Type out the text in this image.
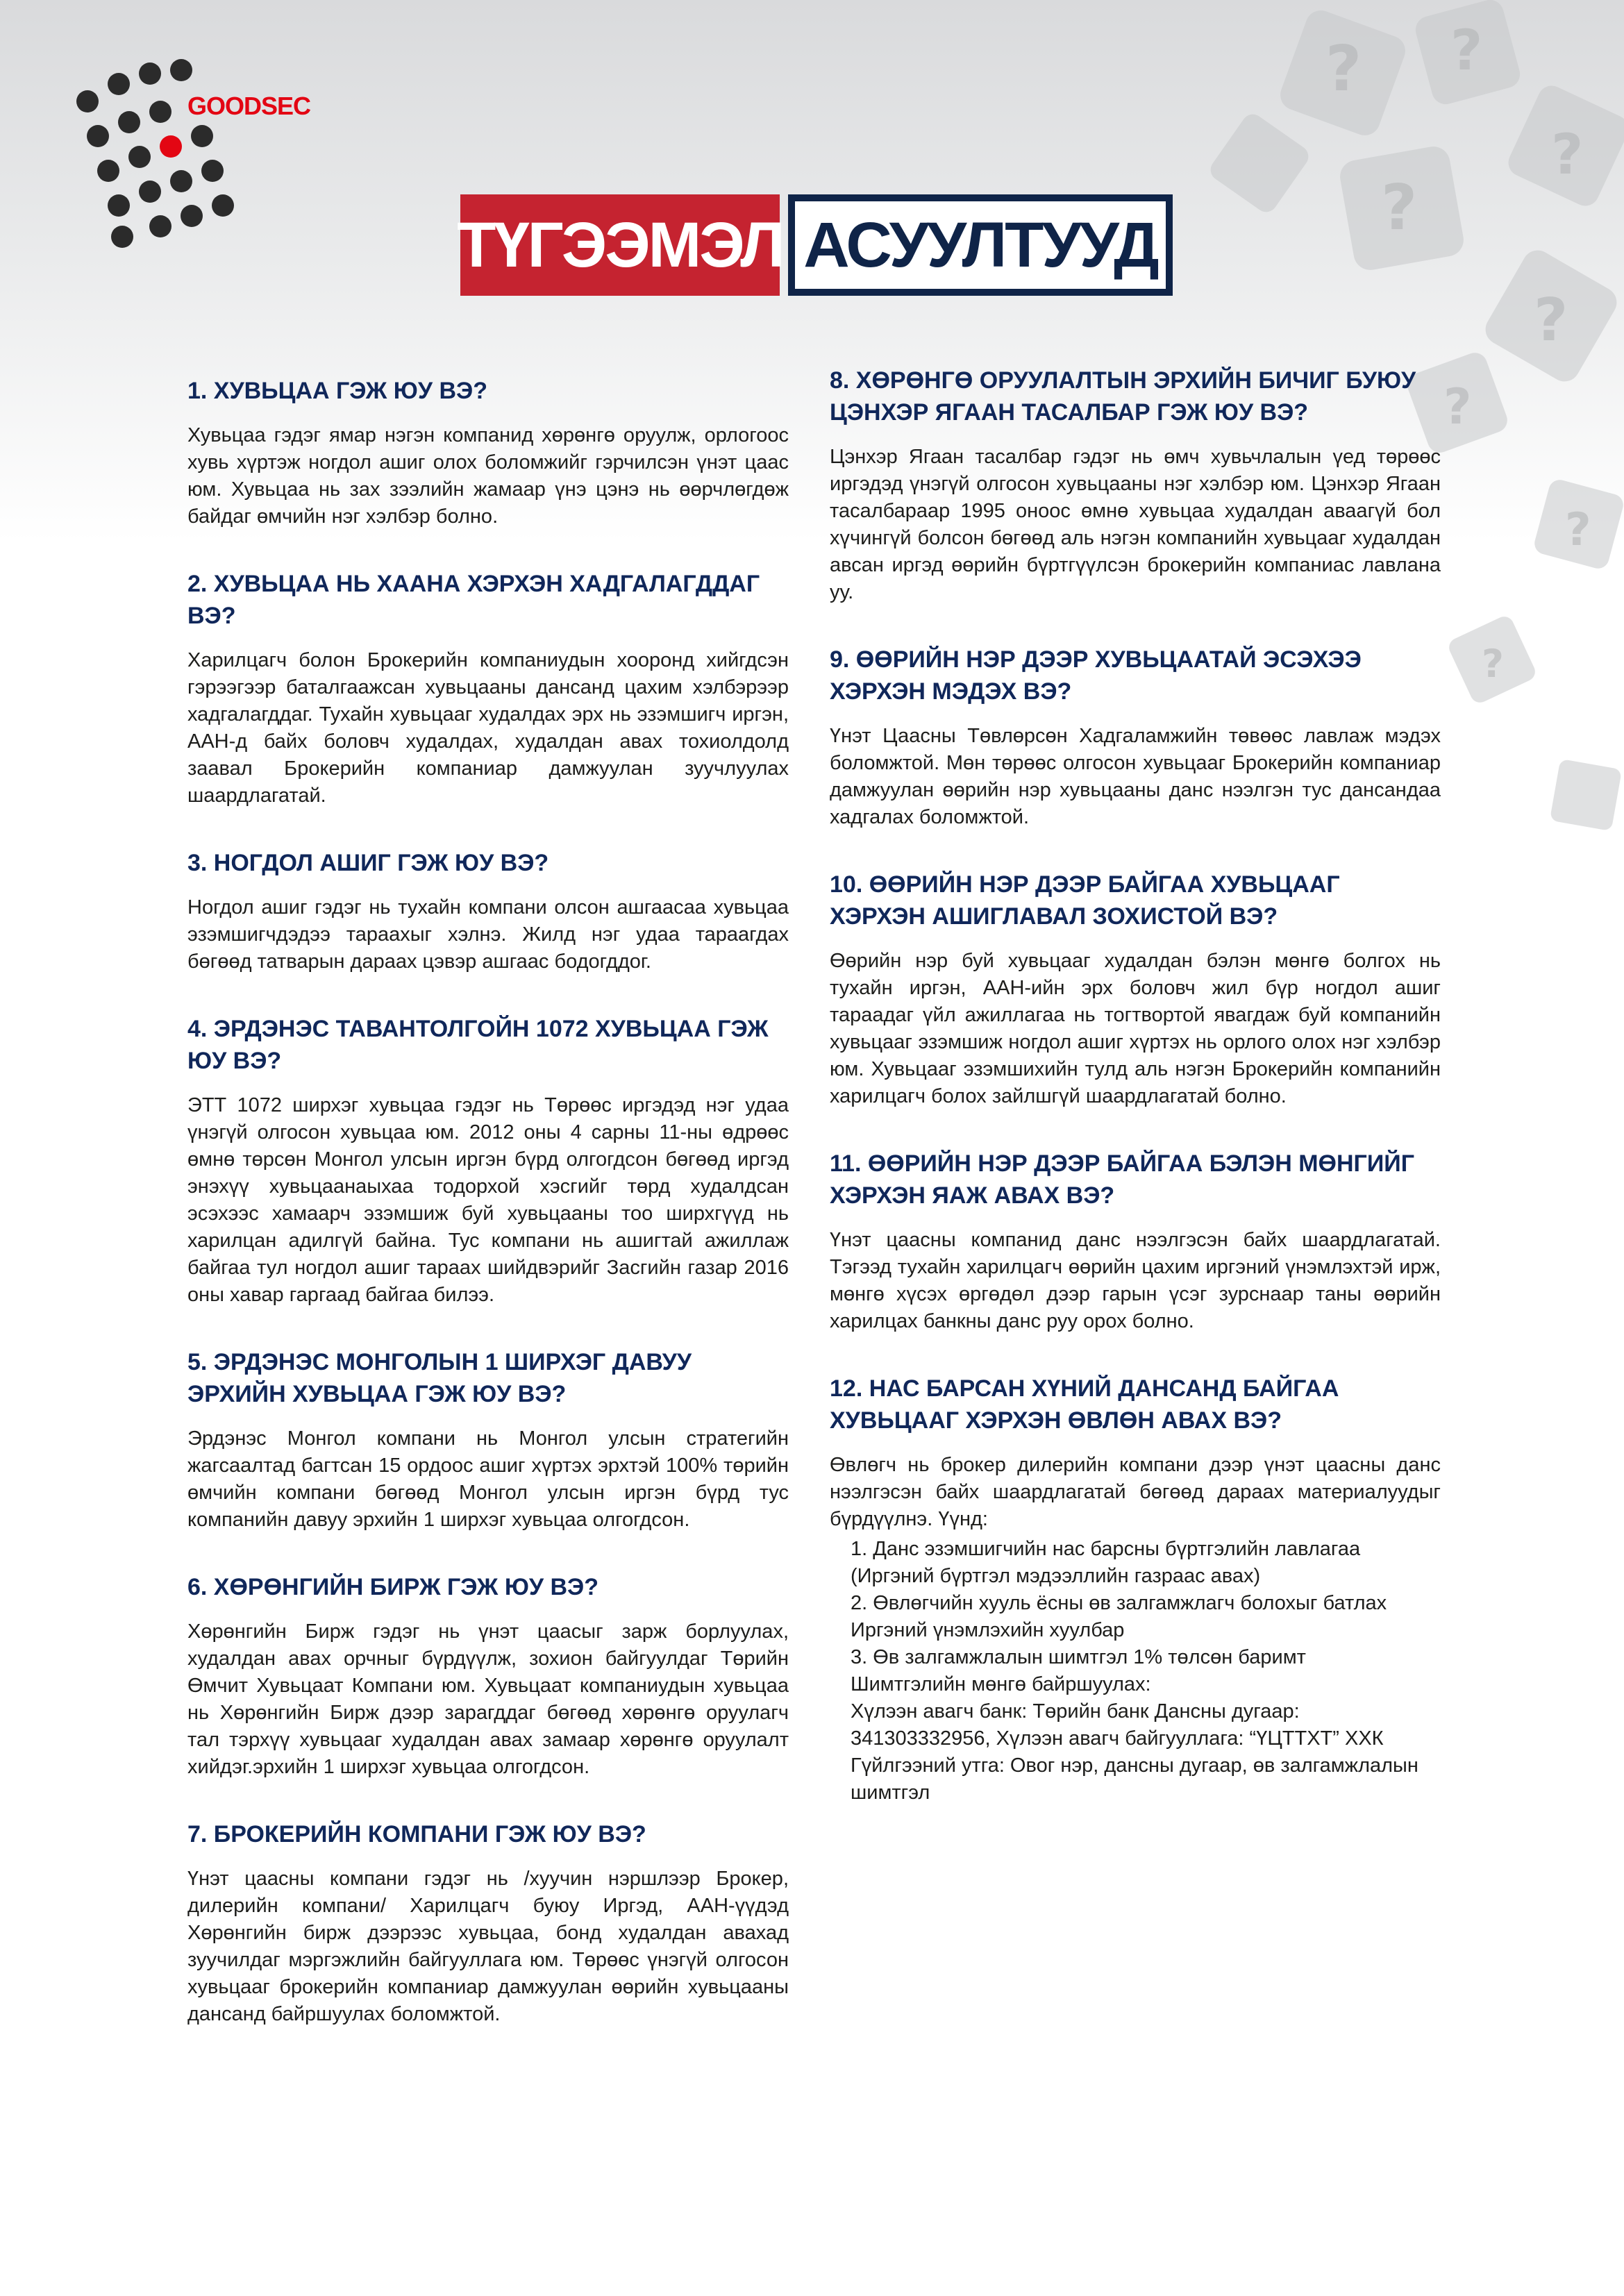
? ?
?
?
?
?
?
?
GOODSEC
ТҮГЭЭМЭЛ АСУУЛТУУД
1. ХУВЬЦАА ГЭЖ ЮУ ВЭ?

Хувьцаа гэдэг ямар нэгэн компанид хөрөнгө оруулж, орлогоос хувь хүртэж ногдол ашиг олох боломжийг гэрчилсэн үнэт цаас юм. Хувьцаа нь зах зээлийн жамаар үнэ цэнэ нь өөрчлөгдөж байдаг өмчийн нэг хэлбэр болно.

2. ХУВЬЦАА НЬ ХААНА ХЭРХЭН ХАДГАЛАГДДАГ ВЭ?

Харилцагч болон Брокерийн компаниудын хооронд хийгдсэн гэрээгээр баталгаажсан хувьцааны дансанд цахим хэлбэрээр хадгалагддаг. Тухайн хувьцааг худалдах эрх нь эзэмшигч иргэн, ААН-д байх боловч худалдах, худалдан авах тохиолдолд заавал Брокерийн компаниар дамжуулан зуучлуулах шаардлагатай.

3. НОГДОЛ АШИГ ГЭЖ ЮУ ВЭ?

Ногдол ашиг гэдэг нь тухайн компани олсон ашгаасаа хувьцаа эзэмшигчдэдээ тараахыг хэлнэ. Жилд нэг удаа тараагдах бөгөөд татварын дараах цэвэр ашгаас бодогддог.

4. ЭРДЭНЭС ТАВАНТОЛГОЙН 1072 ХУВЬЦАА ГЭЖ ЮУ ВЭ?

ЭТТ 1072 ширхэг хувьцаа гэдэг нь Төрөөс иргэдэд нэг удаа үнэгүй олгосон хувьцаа юм. 2012 оны 4 сарны 11-ны өдрөөс өмнө төрсөн Монгол улсын иргэн бүрд олгогдсон бөгөөд иргэд энэхүү хувьцаанаыхаа тодорхой хэсгийг төрд худалдсан эсэхээс хамаарч эзэмшиж буй хувьцааны тоо ширхгүүд нь харилцан адилгүй байна. Тус компани нь ашигтай ажиллаж байгаа тул ногдол ашиг тараах шийдвэрийг Засгийн газар 2016 оны хавар гаргаад байгаа билээ.

5. ЭРДЭНЭС МОНГОЛЫН 1 ШИРХЭГ ДАВУУ ЭРХИЙН ХУВЬЦАА ГЭЖ ЮУ ВЭ?

Эрдэнэс Монгол компани нь Монгол улсын стратегийн жагсаалтад багтсан 15 ордоос ашиг хүртэх эрхтэй 100% төрийн өмчийн компани бөгөөд Монгол улсын иргэн бүрд тус компанийн давуу эрхийн 1 ширхэг хувьцаа олгогдсон.

6. ХӨРӨНГИЙН БИРЖ ГЭЖ ЮУ ВЭ?

Хөрөнгийн Бирж гэдэг нь үнэт цаасыг зарж борлуулах, худалдан авах орчныг бүрдүүлж, зохион байгуулдаг Төрийн Өмчит Хувьцаат Компани юм. Хувьцаат компаниудын хувьцаа нь Хөрөнгийн Бирж дээр зарагддаг бөгөөд хөрөнгө оруулагч тал тэрхүү хувьцааг худалдан авах замаар хөрөнгө оруулалт хийдэг.эрхийн 1 ширхэг хувьцаа олгогдсон.

7. БРОКЕРИЙН КОМПАНИ ГЭЖ ЮУ ВЭ?

Үнэт цаасны компани гэдэг нь /хуучин нэршлээр Брокер, дилерийн компани/ Харилцагч буюу Иргэд, ААН-үүдэд Хөрөнгийн бирж дээрээс хувьцаа, бонд худалдан авахад зуучилдаг мэргэжлийн байгууллага юм. Төрөөс үнэгүй олгосон хувьцааг брокерийн компаниар дамжуулан өөрийн хувьцааны дансанд байршуулах боломжтой.

8. ХӨРӨНГӨ ОРУУЛАЛТЫН ЭРХИЙН БИЧИГ БУЮУ ЦЭНХЭР ЯГААН ТАСАЛБАР ГЭЖ ЮУ ВЭ?

Цэнхэр Ягаан тасалбар гэдэг нь өмч хувьчлалын үед төрөөс иргэдэд үнэгүй олгосон хувьцааны нэг хэлбэр юм. Цэнхэр Ягаан тасалбараар 1995 оноос өмнө хувьцаа худалдан аваагүй бол хүчингүй болсон бөгөөд аль нэгэн компанийн хувьцааг худалдан авсан иргэд өөрийн бүртгүүлсэн брокерийн компаниас лавлана уу.

9. ӨӨРИЙН НЭР ДЭЭР ХУВЬЦААТАЙ ЭСЭХЭЭ ХЭРХЭН МЭДЭХ ВЭ?

Үнэт Цаасны Төвлөрсөн Хадгаламжийн төвөөс лавлаж мэдэх боломжтой. Мөн төрөөс олгосон хувьцааг Брокерийн компаниар дамжуулан өөрийн нэр хувьцааны данс нээлгэн тус дансандаа хадгалах боломжтой.

10. ӨӨРИЙН НЭР ДЭЭР БАЙГАА ХУВЬЦААГ ХЭРХЭН АШИГЛАВАЛ ЗОХИСТОЙ ВЭ?

Өөрийн нэр буй хувьцааг худалдан бэлэн мөнгө болгох нь тухайн иргэн, ААН-ийн эрх боловч жил бүр ногдол ашиг тараадаг үйл ажиллагаа нь тогтвортой явагдаж буй компанийн хувьцааг эзэмшиж ногдол ашиг хүртэх нь орлого олох нэг хэлбэр юм. Хувьцааг эзэмшихийн тулд аль нэгэн Брокерийн компанийн харилцагч болох зайлшгүй шаардлагатай болно.

11. ӨӨРИЙН НЭР ДЭЭР БАЙГАА БЭЛЭН МӨНГИЙГ ХЭРХЭН ЯАЖ АВАХ ВЭ?

Үнэт цаасны компанид данс нээлгэсэн байх шаардлагатай. Тэгээд тухайн харилцагч өөрийн цахим иргэний үнэмлэхтэй ирж, мөнгө хүсэх өргөдөл дээр гарын үсэг зурснаар таны өөрийн харилцах банкны данс руу орох болно.

12. НАС БАРСАН ХҮНИЙ ДАНСАНД БАЙГАА ХУВЬЦААГ ХЭРХЭН ӨВЛӨН АВАХ ВЭ?

Өвлөгч нь брокер дилерийн компани дээр үнэт цаасны данс нээлгэсэн байх шаардлагатай бөгөөд дараах материалуудыг бүрдүүлнэ. Үүнд:

1. Данс эзэмшигчийн нас барсны бүртгэлийн лавлагаа (Иргэний бүртгэл мэдээллийн газраас авах)
2. Өвлөгчийн хууль ёсны өв залгамжлагч болохыг батлах Иргэний үнэмлэхийн хуулбар
3. Өв залгамжлалын шимтгэл 1% төлсөн баримт
Шимтгэлийн мөнгө байршуулах:
Хүлээн авагч банк: Төрийн банк Дансны дугаар: 341303332956, Хүлээн авагч байгууллага: “ҮЦТТХТ” ХХК Гүйлгээний утга: Овог нэр, дансны дугаар, өв залгамжлалын шимтгэл
